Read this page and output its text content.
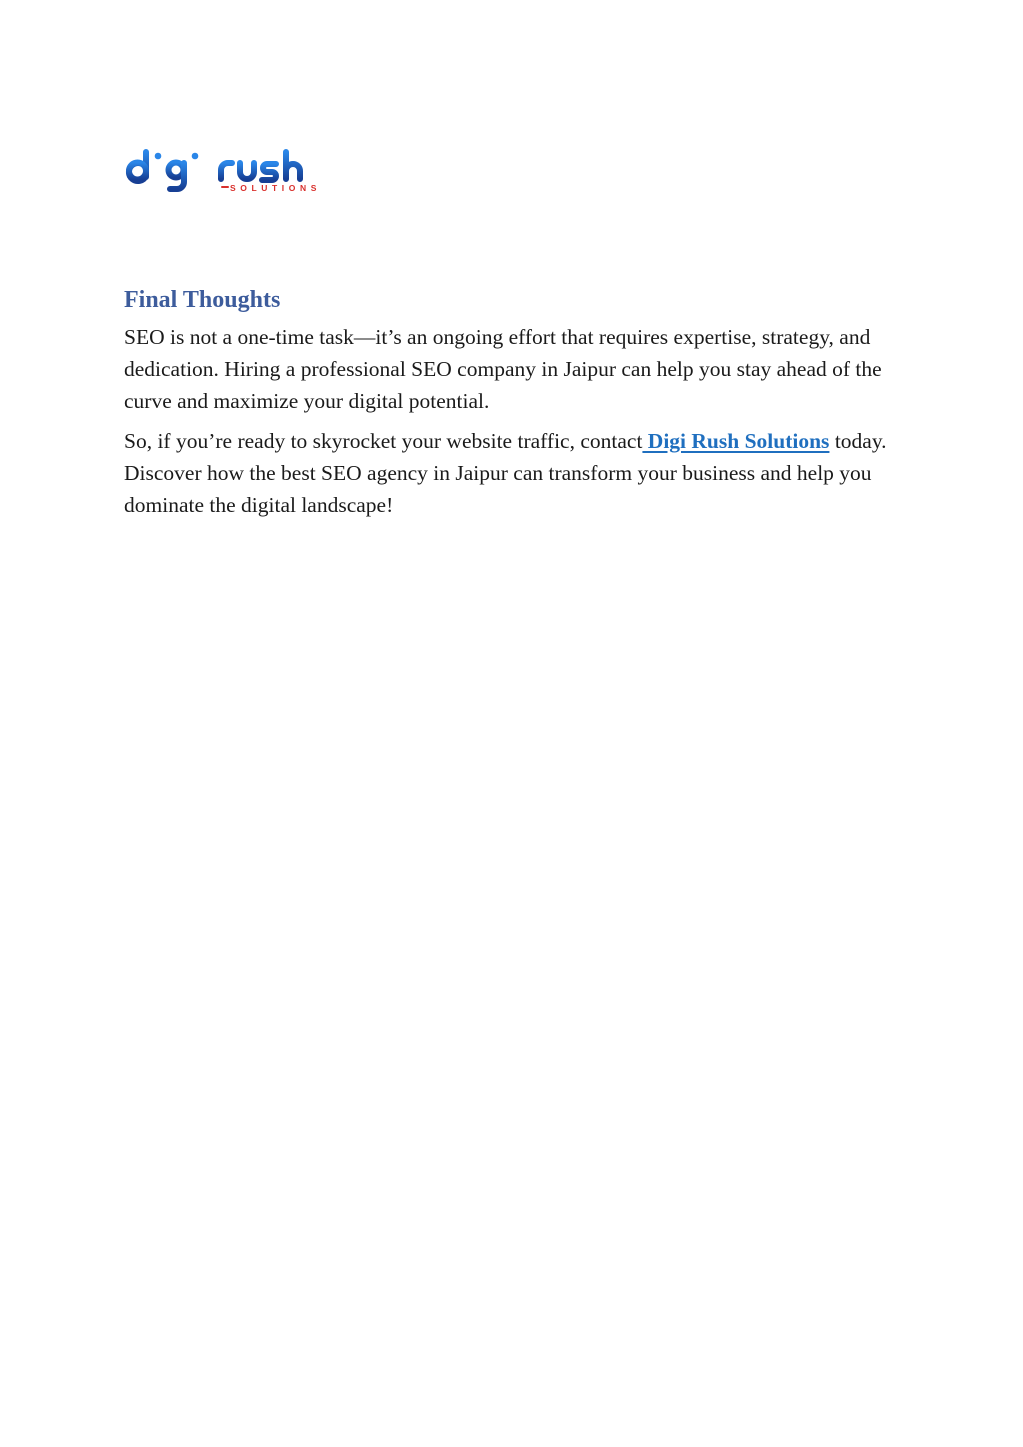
SOLUTIONS
Final Thoughts

SEO is not a one-time task—it’s an ongoing effort that requires expertise, strategy, and dedication. Hiring a professional SEO company in Jaipur can help you stay ahead of the curve and maximize your digital potential.

So, if you’re ready to skyrocket your website traffic, contact Digi Rush Solutions today. Discover how the best SEO agency in Jaipur can transform your business and help you dominate the digital landscape!
